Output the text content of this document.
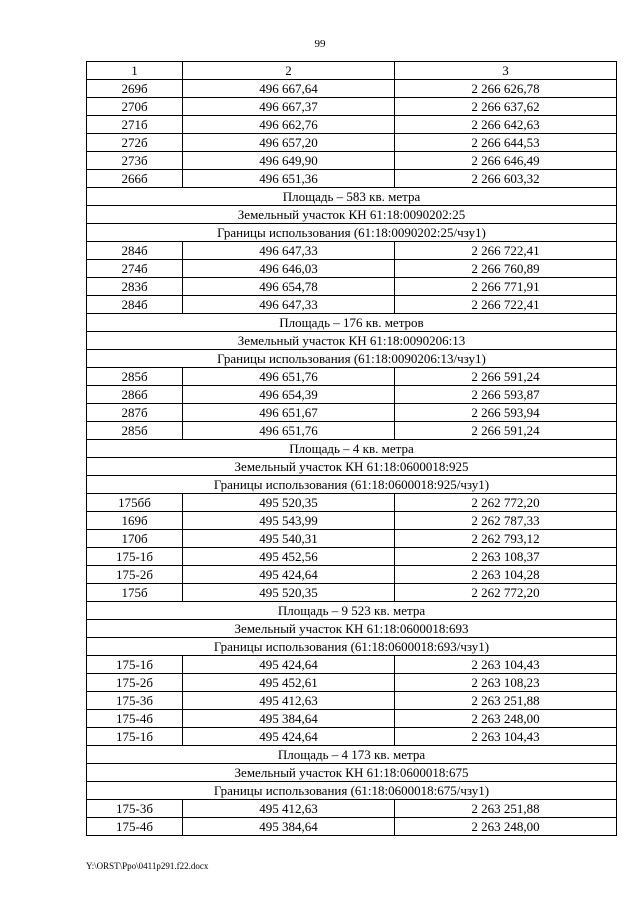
99
1	2	3
269б	496 667,64	2 266 626,78
270б	496 667,37	2 266 637,62
271б	496 662,76	2 266 642,63
272б	496 657,20	2 266 644,53
273б	496 649,90	2 266 646,49
266б	496 651,36	2 266 603,32
Площадь – 583 кв. метра		
Земельный участок КН 61:18:0090202:25		
Границы использования (61:18:0090202:25/чзу1)		
284б	496 647,33	2 266 722,41
274б	496 646,03	2 266 760,89
283б	496 654,78	2 266 771,91
284б	496 647,33	2 266 722,41
Площадь – 176 кв. метров		
Земельный участок КН 61:18:0090206:13		
Границы использования (61:18:0090206:13/чзу1)		
285б	496 651,76	2 266 591,24
286б	496 654,39	2 266 593,87
287б	496 651,67	2 266 593,94
285б	496 651,76	2 266 591,24
Площадь – 4 кв. метра		
Земельный участок КН 61:18:0600018:925		
Границы использования (61:18:0600018:925/чзу1)		
175бб	495 520,35	2 262 772,20
169б	495 543,99	2 262 787,33
170б	495 540,31	2 262 793,12
175-1б	495 452,56	2 263 108,37
175-2б	495 424,64	2 263 104,28
175б	495 520,35	2 262 772,20
Площадь – 9 523 кв. метра		
Земельный участок КН 61:18:0600018:693		
Границы использования (61:18:0600018:693/чзу1)		
175-1б	495 424,64	2 263 104,43
175-2б	495 452,61	2 263 108,23
175-3б	495 412,63	2 263 251,88
175-4б	495 384,64	2 263 248,00
175-1б	495 424,64	2 263 104,43
Площадь – 4 173 кв. метра		
Земельный участок КН 61:18:0600018:675		
Границы использования (61:18:0600018:675/чзу1)		
175-3б	495 412,63	2 263 251,88
175-4б	495 384,64	2 263 248,00
Y:\ORST\Ppo\0411p291.f22.docx
